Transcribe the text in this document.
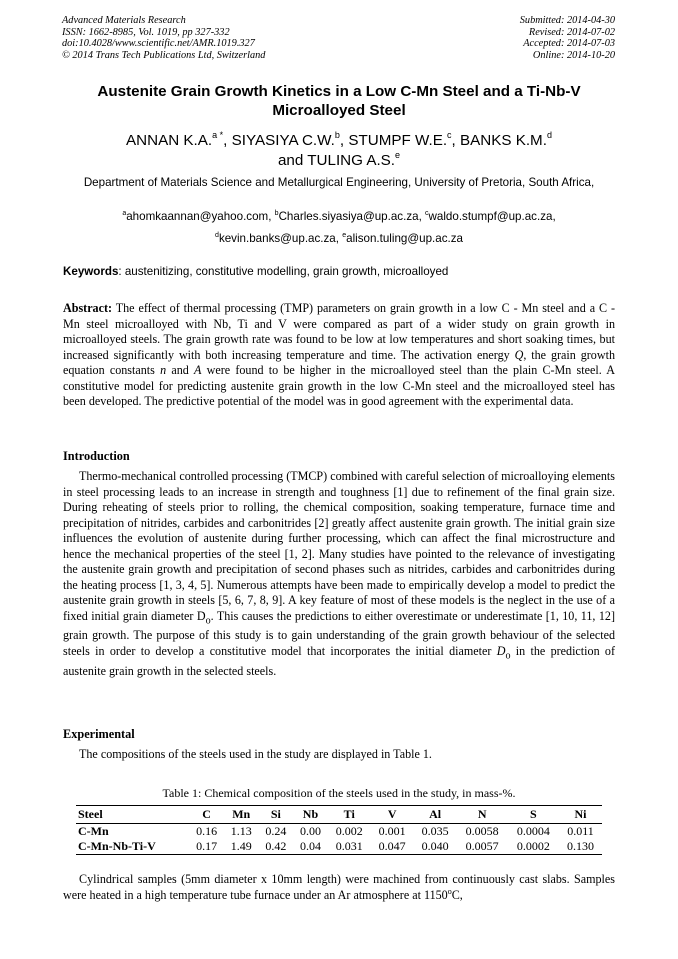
Advanced Materials Research
ISSN: 1662-8985, Vol. 1019, pp 327-332
doi:10.4028/www.scientific.net/AMR.1019.327
© 2014 Trans Tech Publications Ltd, Switzerland
Submitted: 2014-04-30
Revised: 2014-07-02
Accepted: 2014-07-03
Online: 2014-10-20
Austenite Grain Growth Kinetics in a Low C-Mn Steel and a Ti-Nb-V Microalloyed Steel
ANNAN K.A.$^{a *}$, SIYASIYA C.W.$^b$, STUMPF W.E.$^c$, BANKS K.M.$^d$
and TULING A.S.$^e$
Department of Materials Science and Metallurgical Engineering, University of Pretoria, South Africa,
$^a$ahomkaannan@yahoo.com, $^b$Charles.siyasiya@up.ac.za, $^c$waldo.stumpf@up.ac.za,
$^d$kevin.banks@up.ac.za, $^e$alison.tuling@up.ac.za
Keywords: austenitizing, constitutive modelling, grain growth, microalloyed
Abstract: The effect of thermal processing (TMP) parameters on grain growth in a low C - Mn steel and a C - Mn steel microalloyed with Nb, Ti and V were compared as part of a wider study on grain growth in microalloyed steels. The grain growth rate was found to be low at low temperatures and short soaking times, but increased significantly with both increasing temperature and time. The activation energy Q, the grain growth equation constants n and A were found to be higher in the microalloyed steel than the plain C-Mn steel. A constitutive model for predicting austenite grain growth in the low C-Mn steel and the microalloyed steel has been developed. The predictive potential of the model was in good agreement with the experimental data.
Introduction
Thermo-mechanical controlled processing (TMCP) combined with careful selection of microalloying elements in steel processing leads to an increase in strength and toughness [1] due to refinement of the final grain size. During reheating of steels prior to rolling, the chemical composition, soaking temperature, furnace time and precipitation of nitrides, carbides and carbonitrides [2] greatly affect austenite grain growth. The initial grain size influences the evolution of austenite during further processing, which can affect the final microstructure and hence the mechanical properties of the steel [1, 2]. Many studies have pointed to the relevance of investigating the austenite grain growth and precipitation of second phases such as nitrides, carbides and carbonitrides during the heating process [1, 3, 4, 5]. Numerous attempts have been made to empirically develop a model to predict the austenite grain growth in steels [5, 6, 7, 8, 9]. A key feature of most of these models is the neglect in the use of a fixed initial grain diameter $D_o$. This causes the predictions to either overestimate or underestimate [1, 10, 11, 12] grain growth. The purpose of this study is to gain understanding of the grain growth behaviour of the selected steels in order to develop a constitutive model that incorporates the initial diameter $D_o$ in the prediction of austenite grain growth in the selected steels.
Experimental
The compositions of the steels used in the study are displayed in Table 1.
Table 1: Chemical composition of the steels used in the study, in mass-%.
Steel	C	Mn	Si	Nb	Ti	V	Al	N	S	Ni
C-Mn	0.16	1.13	0.24	0.00	0.002	0.001	0.035	0.0058	0.0004	0.011
C-Mn-Nb-Ti-V	0.17	1.49	0.42	0.04	0.031	0.047	0.040	0.0057	0.0002	0.130
Cylindrical samples (5mm diameter x 10mm length) were machined from continuously cast slabs. Samples were heated in a high temperature tube furnace under an Ar atmosphere at 1150$^o$C,
